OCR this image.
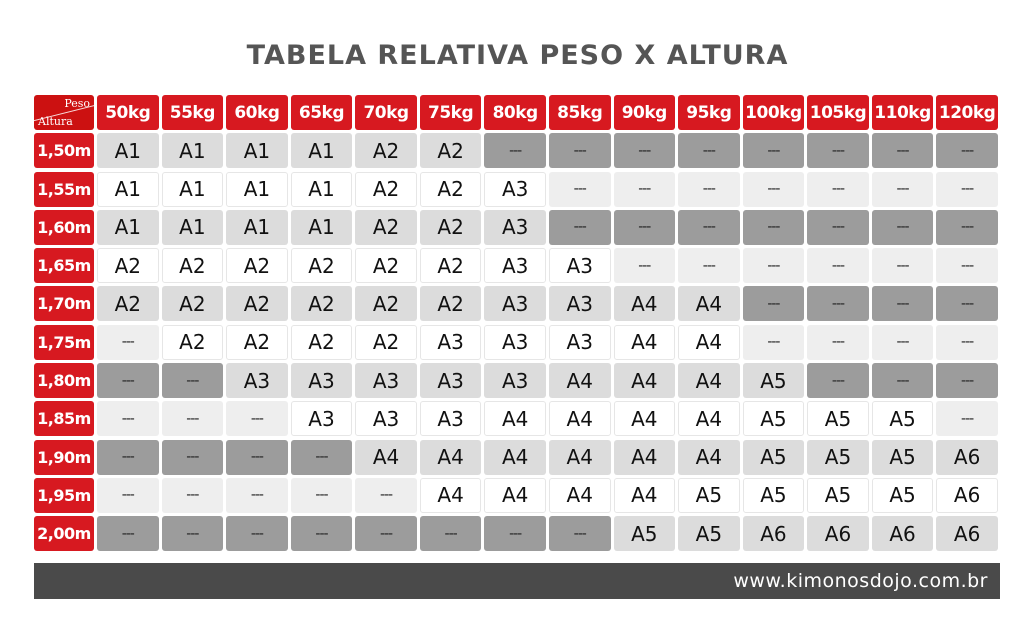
TABELA RELATIVA PESO X ALTURA
Peso
Altura	50kg	55kg	60kg	65kg	70kg	75kg	80kg	85kg	90kg	95kg 100kg 105kg 110kg 120kg
1,50m	A1	A1	A1	A1	A2	A2	---	---	---	---	---	---	---	---
1,55m	A1	A1	A1	A1	A2	A2	A3	---	---	---	---	---	---	---
1,60m	A1	A1	A1	A1	A2	A2	A3	---	---	---	---	---	---	---
1,65m	A2	A2	A2	A2	A2	A2	A3	A3	---	---	---	---	---	---
1,70m	A2	A2	A2	A2	A2	A2	A3	A3	A4	A4	---	---	---	---
1,75m	---	A2	A2	A2	A2	A3	A3	A3	A4	A4	---	---	---	---
1,80m	---	---	A3	A3	A3	A3	A3	A4	A4	A4	A5	---	---	---
1,85m	---	---	---	A3	A3	A3	A4	A4	A4	A4	A5	A5	A5	---
1,90m	---	---	---	---	A4	A4	A4	A4	A4	A4	A5	A5	A5	A6
1,95m	---	---	---	---	---	A4	A4	A4	A4	A5	A5	A5	A5	A6
2,00m	---	---	---	---	---	---	---	---	A5	A5	A6	A6	A6	A6
www.kimonosdojo.com.br
